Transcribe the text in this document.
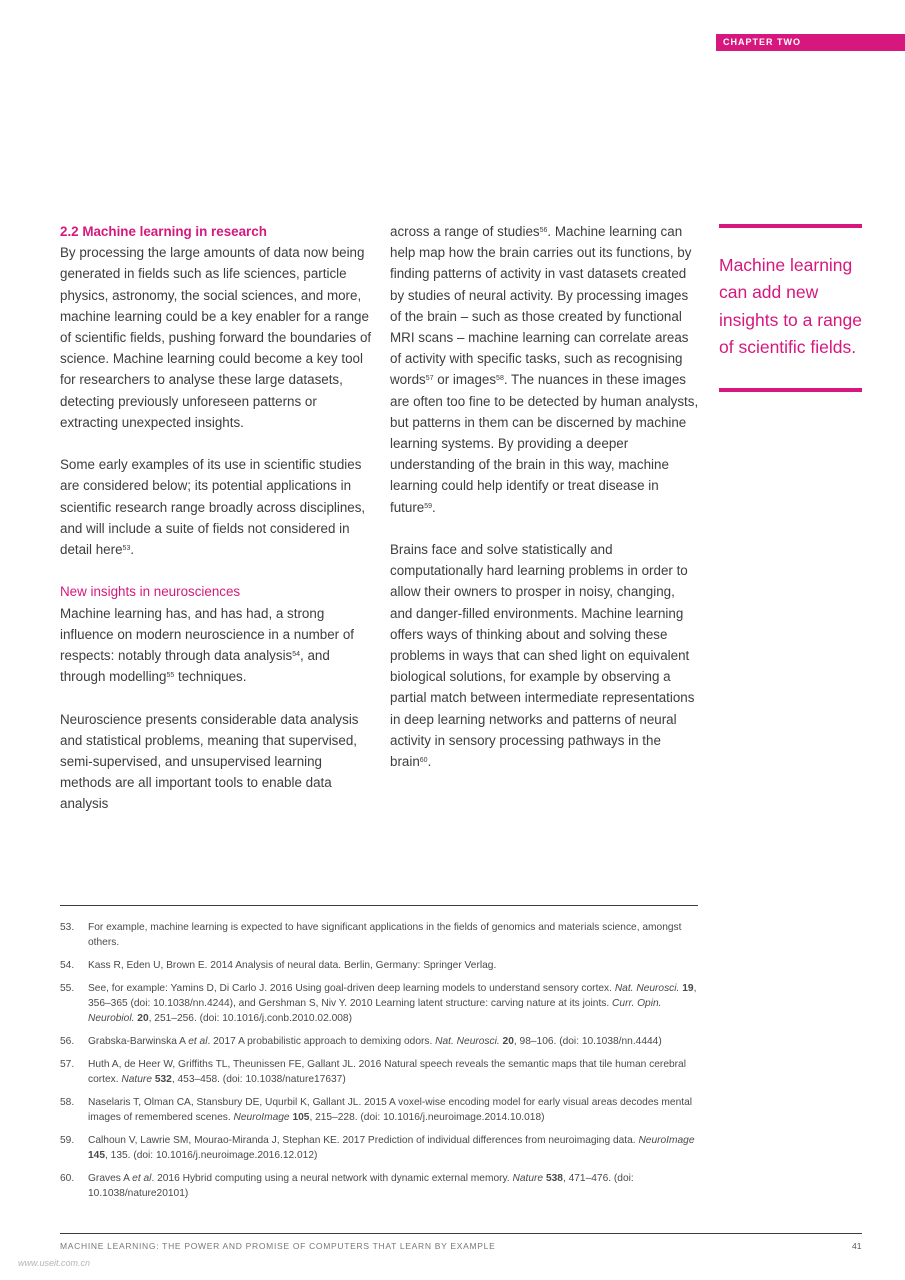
CHAPTER TWO

2.2 Machine learning in research
By processing the large amounts of data now being generated in fields such as life sciences, particle physics, astronomy, the social sciences, and more, machine learning could be a key enabler for a range of scientific fields, pushing forward the boundaries of science. Machine learning could become a key tool for researchers to analyse these large datasets, detecting previously unforeseen patterns or extracting unexpected insights.

Some early examples of its use in scientific studies are considered below; its potential applications in scientific research range broadly across disciplines, and will include a suite of fields not considered in detail here$^{53}$.

New insights in neurosciences
Machine learning has, and has had, a strong influence on modern neuroscience in a number of respects: notably through data analysis$^{54}$, and through modelling$^{55}$ techniques.

Neuroscience presents considerable data analysis and statistical problems, meaning that supervised, semi-supervised, and unsupervised learning methods are all important tools to enable data analysis

across a range of studies$^{56}$. Machine learning can help map how the brain carries out its functions, by finding patterns of activity in vast datasets created by studies of neural activity. By processing images of the brain – such as those created by functional MRI scans – machine learning can correlate areas of activity with specific tasks, such as recognising words$^{57}$ or images$^{58}$. The nuances in these images are often too fine to be detected by human analysts, but patterns in them can be discerned by machine learning systems. By providing a deeper understanding of the brain in this way, machine learning could help identify or treat disease in future$^{59}$.

Brains face and solve statistically and computationally hard learning problems in order to allow their owners to prosper in noisy, changing, and danger-filled environments. Machine learning offers ways of thinking about and solving these problems in ways that can shed light on equivalent biological solutions, for example by observing a partial match between intermediate representations in deep learning networks and patterns of neural activity in sensory processing pathways in the brain$^{60}$.

Machine learning can add new insights to a range of scientific fields.
53.	For example, machine learning is expected to have significant applications in the fields of genomics and materials science, amongst others.
54.	Kass R, Eden U, Brown E. 2014 Analysis of neural data. Berlin, Germany: Springer Verlag.
55.	See, for example: Yamins D, Di Carlo J. 2016 Using goal-driven deep learning models to understand sensory cortex. Nat. Neurosci. 19, 356–365 (doi: 10.1038/nn.4244), and Gershman S, Niv Y. 2010 Learning latent structure: carving nature at its joints. Curr. Opin. Neurobiol. 20, 251–256. (doi: 10.1016/j.conb.2010.02.008)
56.	Grabska-Barwinska A et al. 2017 A probabilistic approach to demixing odors. Nat. Neurosci. 20, 98–106. (doi: 10.1038/nn.4444)
57.	Huth A, de Heer W, Griffiths TL, Theunissen FE, Gallant JL. 2016 Natural speech reveals the semantic maps that tile human cerebral cortex. Nature 532, 453–458. (doi: 10.1038/nature17637)
58.	Naselaris T, Olman CA, Stansbury DE, Uqurbil K, Gallant JL. 2015 A voxel-wise encoding model for early visual areas decodes mental images of remembered scenes. NeuroImage 105, 215–228. (doi: 10.1016/j.neuroimage.2014.10.018)
59.	Calhoun V, Lawrie SM, Mourao-Miranda J, Stephan KE. 2017 Prediction of individual differences from neuroimaging data. NeuroImage 145, 135. (doi: 10.1016/j.neuroimage.2016.12.012)
60.	Graves A et al. 2016 Hybrid computing using a neural network with dynamic external memory. Nature 538, 471–476. (doi: 10.1038/nature20101)
MACHINE LEARNING: THE POWER AND PROMISE OF COMPUTERS THAT LEARN BY EXAMPLE	41
www.useit.com.cn
